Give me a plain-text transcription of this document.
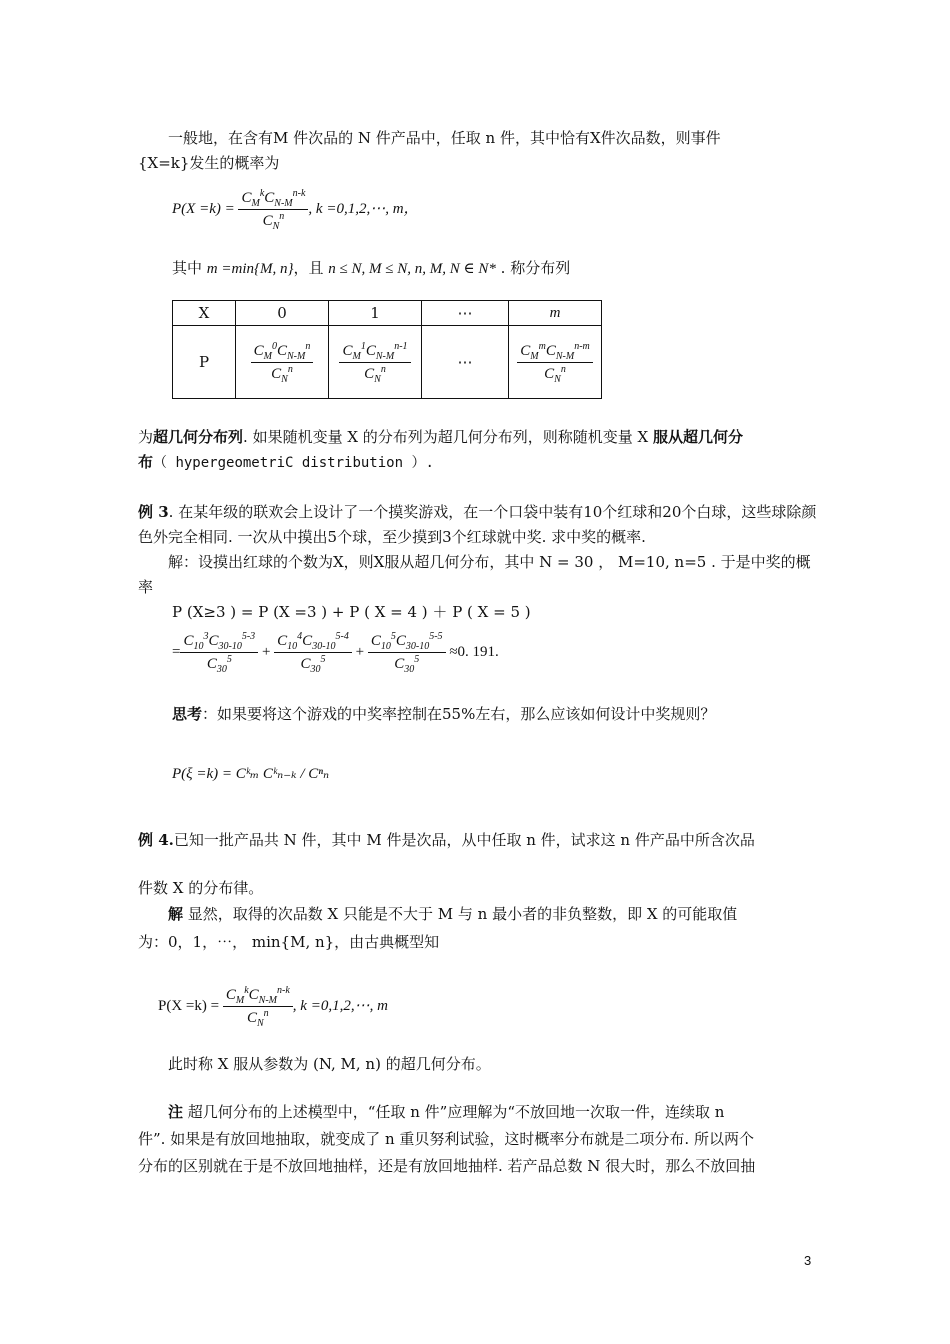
一般地，在含有M 件次品的 N 件产品中，任取 n 件，其中恰有X件次品数，则事件
{X=k}发生的概率为
$P(X =k) = \frac{C_M^kC_{N-M}^{n-k}}{C_N^n}$ , k =0,1,2,⋯, m，
其中 m =min{M, n}，且 n ≤ N, M ≤ N, n, M, N ∈ N* . 称分布列
X	0	1	⋯	m
P	$\frac{C_M^0C_{N-M}^n}{C_N^n}$	$\frac{C_M^1C_{N-M}^{n-1}}{C_N^n}$	⋯	$\frac{C_M^mC_{N-M}^{n-m}}{C_N^n}$
为超几何分布列. 如果随机变量 X 的分布列为超几何分布列，则称随机变量 X 服从超几何分
布（ hypergeometriC distribution ）.
例 3. 在某年级的联欢会上设计了一个摸奖游戏，在一个口袋中装有10个红球和20个白球，这些球除颜色外完全相同. 一次从中摸出5个球，至少摸到3个红球就中奖. 求中奖的概率.
解：设摸出红球的个数为X，则X服从超几何分布，其中 N = 30 ， M=10, n=5 . 于是中奖的概率
P (X≥3 ) = P (X =3 ) + P ( X = 4 ) ＋ P ( X = 5 )
= $\frac{C_{10}^3C_{30-10}^{5-3}}{C_{30}^5} + \frac{C_{10}^4C_{30-10}^{5-4}}{C_{30}^5} + \frac{C_{10}^5C_{30-10}^{5-5}}{C_{30}^5} \approx 0$. 191.
思考：如果要将这个游戏的中奖率控制在55%左右，那么应该如何设计中奖规则？
P(ξ =k) = Cᵏₘ Cᵏₙ₋ₖ / Cⁿₙ
例 4.已知一批产品共 N 件，其中 M 件是次品，从中任取 n 件，试求这 n 件产品中所含次品
件数 X 的分布律。
解 显然，取得的次品数 X 只能是不大于 M 与 n 最小者的非负整数，即 X 的可能取值
为：0，1，⋯， min{M, n}，由古典概型知
$P(X =k) = \frac{C_M^kC_{N-M}^{n-k}}{C_N^n}$ , k =0,1,2,⋯, m
此时称 X 服从参数为 (N, M, n) 的超几何分布。
注 超几何分布的上述模型中，“任取 n 件”应理解为“不放回地一次取一件，连续取 n
件”. 如果是有放回地抽取，就变成了 n 重贝努利试验，这时概率分布就是二项分布. 所以两个
分布的区别就在于是不放回地抽样，还是有放回地抽样. 若产品总数 N 很大时，那么不放回抽
3
